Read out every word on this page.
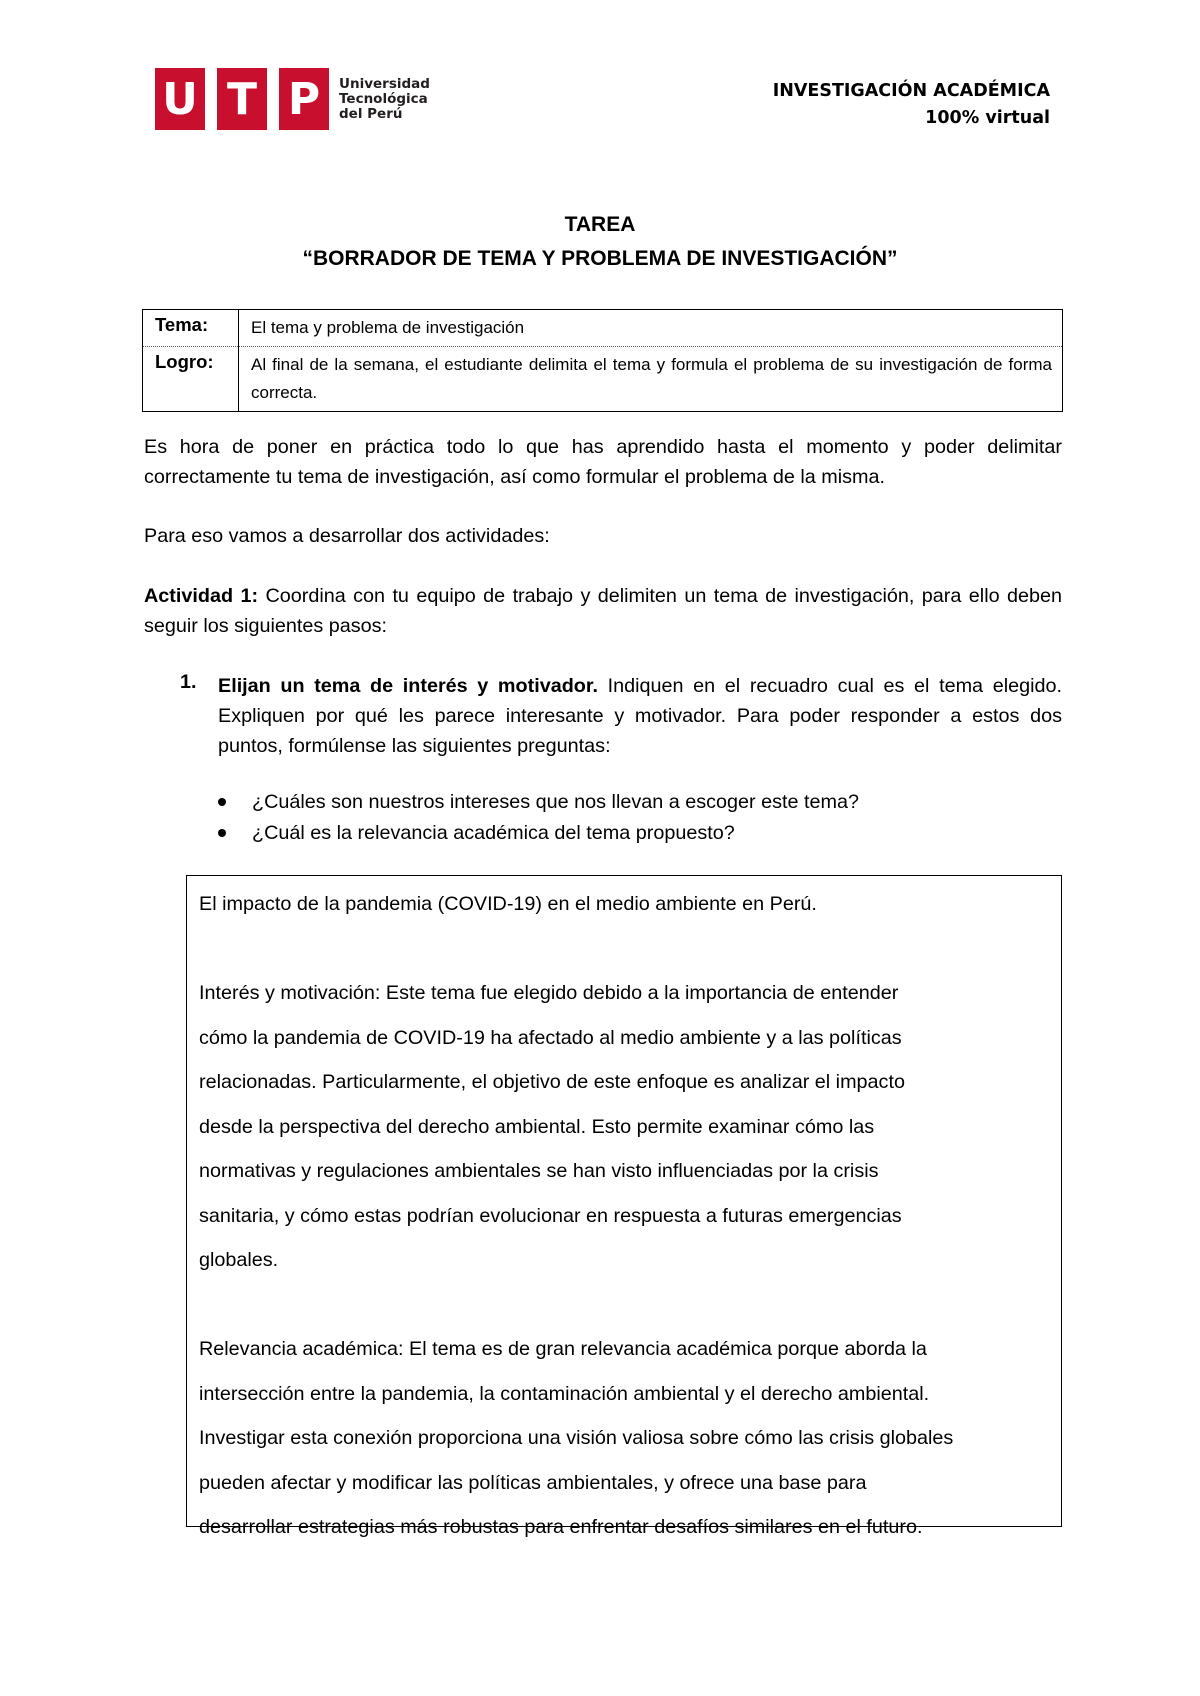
U T P	Universidad
Tecnológica
del Perú
INVESTIGACIÓN ACADÉMICA
100% virtual
TAREA
“BORRADOR DE TEMA Y PROBLEMA DE INVESTIGACIÓN”
Tema:	El tema y problema de investigación
Logro:	Al final de la semana, el estudiante delimita el tema y formula el problema de su investigación de forma correcta.
Es hora de poner en práctica todo lo que has aprendido hasta el momento y poder delimitar correctamente tu tema de investigación, así como formular el problema de la misma.
Para eso vamos a desarrollar dos actividades:
Actividad 1: Coordina con tu equipo de trabajo y delimiten un tema de investigación, para ello deben seguir los siguientes pasos:
1. Elijan un tema de interés y motivador. Indiquen en el recuadro cual es el tema elegido. Expliquen por qué les parece interesante y motivador. Para poder responder a estos dos puntos, formúlense las siguientes preguntas:
¿Cuáles son nuestros intereses que nos llevan a escoger este tema?
¿Cuál es la relevancia académica del tema propuesto?

El impacto de la pandemia (COVID-19) en el medio ambiente en Perú.

Interés y motivación: Este tema fue elegido debido a la importancia de entender

cómo la pandemia de COVID-19 ha afectado al medio ambiente y a las políticas

relacionadas. Particularmente, el objetivo de este enfoque es analizar el impacto

desde la perspectiva del derecho ambiental. Esto permite examinar cómo las

normativas y regulaciones ambientales se han visto influenciadas por la crisis

sanitaria, y cómo estas podrían evolucionar en respuesta a futuras emergencias

globales.

Relevancia académica: El tema es de gran relevancia académica porque aborda la

intersección entre la pandemia, la contaminación ambiental y el derecho ambiental.

Investigar esta conexión proporciona una visión valiosa sobre cómo las crisis globales

pueden afectar y modificar las políticas ambientales, y ofrece una base para

desarrollar estrategias más robustas para enfrentar desafíos similares en el futuro.
